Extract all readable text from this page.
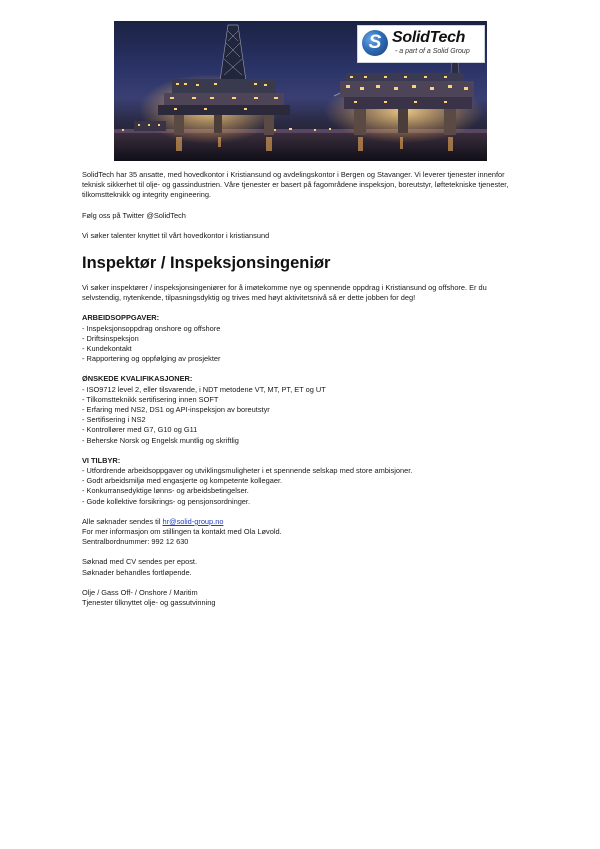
S SolidTech
- a part of a Solid Group

SolidTech har 35 ansatte, med hovedkontor i Kristiansund og avdelingskontor i Bergen og Stavanger. Vi leverer tjenester innenfor teknisk sikkerhet til olje- og gassindustrien. Våre tjenester er basert på fagområdene inspeksjon, boreutstyr, løftetekniske tjenester, tilkomstteknikk og integrity engineering.

Følg oss på Twitter @SolidTech

Vi søker talenter knyttet til vårt hovedkontor i kristiansund

Inspektør / Inspeksjonsingeniør

Vi søker inspektører / inspeksjonsingeniører for å imøtekomme nye og spennende oppdrag i Kristiansund og offshore. Er du selvstendig, nytenkende, tilpasningsdyktig og trives med høyt aktivitetsnivå så er dette jobben for deg!

ARBEIDSOPPGAVER:

- Inspeksjonsoppdrag onshore og offshore
- Driftsinspeksjon
- Kundekontakt
- Rapportering og oppfølging av prosjekter

ØNSKEDE KVALIFIKASJONER:

- ISO9712 level 2, eller tilsvarende, i NDT metodene VT, MT, PT, ET og UT
- Tilkomstteknikk sertifisering innen SOFT
- Erfaring med NS2, DS1 og API-inspeksjon av boreutstyr
- Sertifisering i NS2
- Kontrollører med G7, G10 og G11
- Beherske Norsk og Engelsk muntlig og skriftlig

VI TILBYR:

- Utfordrende arbeidsoppgaver og utviklingsmuligheter i et spennende selskap med store ambisjoner.
- Godt arbeidsmiljø med engasjerte og kompetente kollegaer.
- Konkurransedyktige lønns- og arbeidsbetingelser.
- Gode kollektive forsikrings- og pensjonsordninger.

Alle søknader sendes til hr@solid-group.no

For mer informasjon om stillingen ta kontakt med Ola Løvold.

Sentralbordnummer: 992 12 630

Søknad med CV sendes per epost.

Søknader behandles fortløpende.

Olje / Gass Off- / Onshore / Maritim

Tjenester tilknyttet olje- og gassutvinning
